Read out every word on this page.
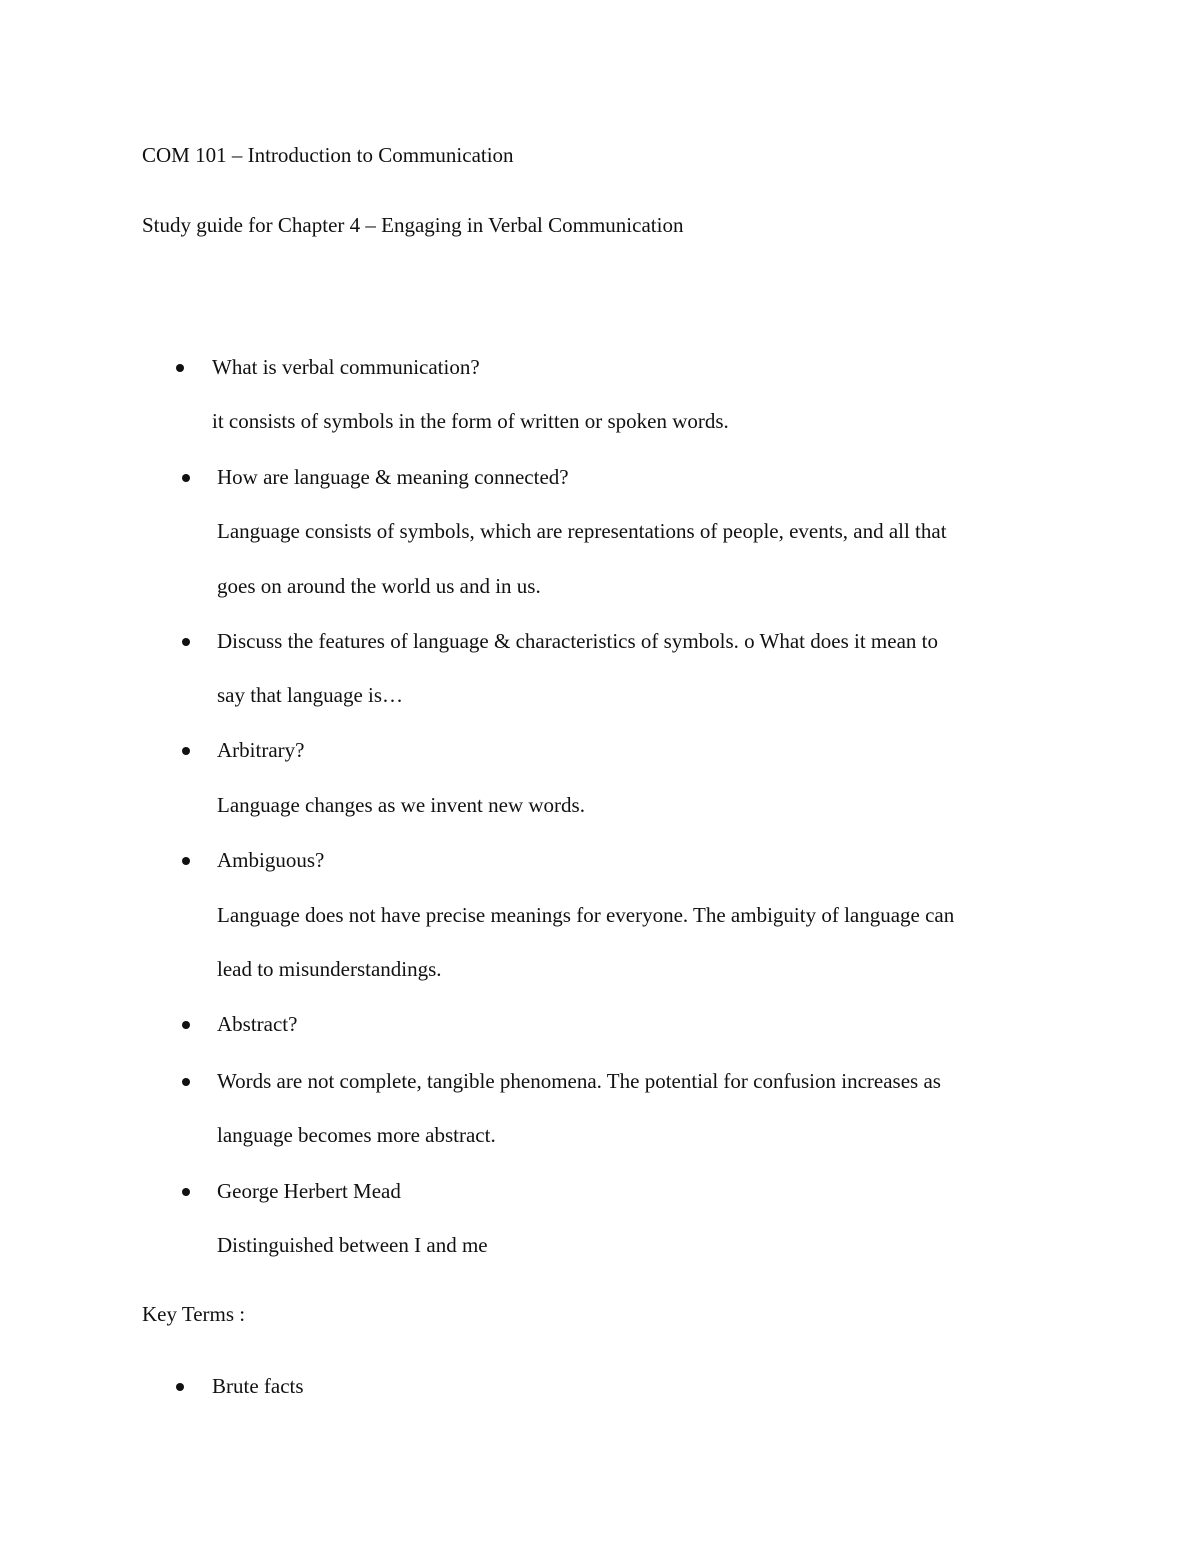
COM 101 – Introduction to Communication
Study guide for Chapter 4 – Engaging in Verbal Communication
What is verbal communication?
it consists of symbols in the form of written or spoken words.
How are language & meaning connected?
Language consists of symbols, which are representations of people, events, and all that
goes on around the world us and in us.
Discuss the features of language & characteristics of symbols. o What does it mean to
say that language is…
Arbitrary?
Language changes as we invent new words.
Ambiguous?
Language does not have precise meanings for everyone. The ambiguity of language can
lead to misunderstandings.
Abstract?
Words are not complete, tangible phenomena. The potential for confusion increases as
language becomes more abstract.
George Herbert Mead
Distinguished between I and me
Key Terms :
Brute facts
